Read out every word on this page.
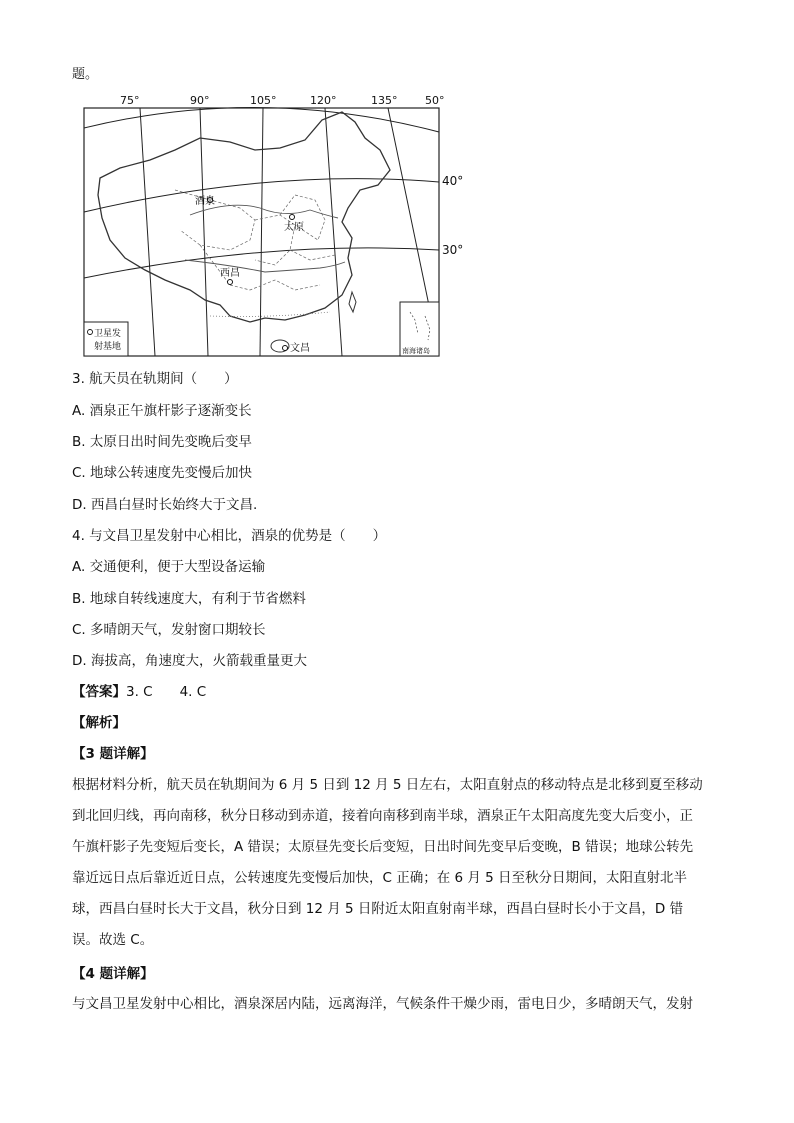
题。
卫星发
射基地	南海诸岛
酒泉
太原
西昌
文昌
75°	90°	105°	120°	135°	50°
40°
30°
3. 航天员在轨期间（　　）
A. 酒泉正午旗杆影子逐渐变长
B. 太原日出时间先变晚后变早
C. 地球公转速度先变慢后加快
D. 西昌白昼时长始终大于文昌.
4. 与文昌卫星发射中心相比，酒泉的优势是（　　）
A. 交通便利，便于大型设备运输
B. 地球自转线速度大，有利于节省燃料
C. 多晴朗天气，发射窗口期较长
D. 海拔高，角速度大，火箭载重量更大
【答案】3. C　　4. C
【解析】
【3 题详解】
根据材料分析，航天员在轨期间为 6 月 5 日到 12 月 5 日左右，太阳直射点的移动特点是北移到夏至移动
到北回归线，再向南移，秋分日移动到赤道，接着向南移到南半球，酒泉正午太阳高度先变大后变小，正
午旗杆影子先变短后变长，A 错误；太原昼先变长后变短，日出时间先变早后变晚，B 错误；地球公转先
靠近远日点后靠近近日点，公转速度先变慢后加快，C 正确；在 6 月 5 日至秋分日期间，太阳直射北半
球，西昌白昼时长大于文昌，秋分日到 12 月 5 日附近太阳直射南半球，西昌白昼时长小于文昌，D 错
误。故选 C。
【4 题详解】
与文昌卫星发射中心相比，酒泉深居内陆，远离海洋，气候条件干燥少雨，雷电日少，多晴朗天气，发射
